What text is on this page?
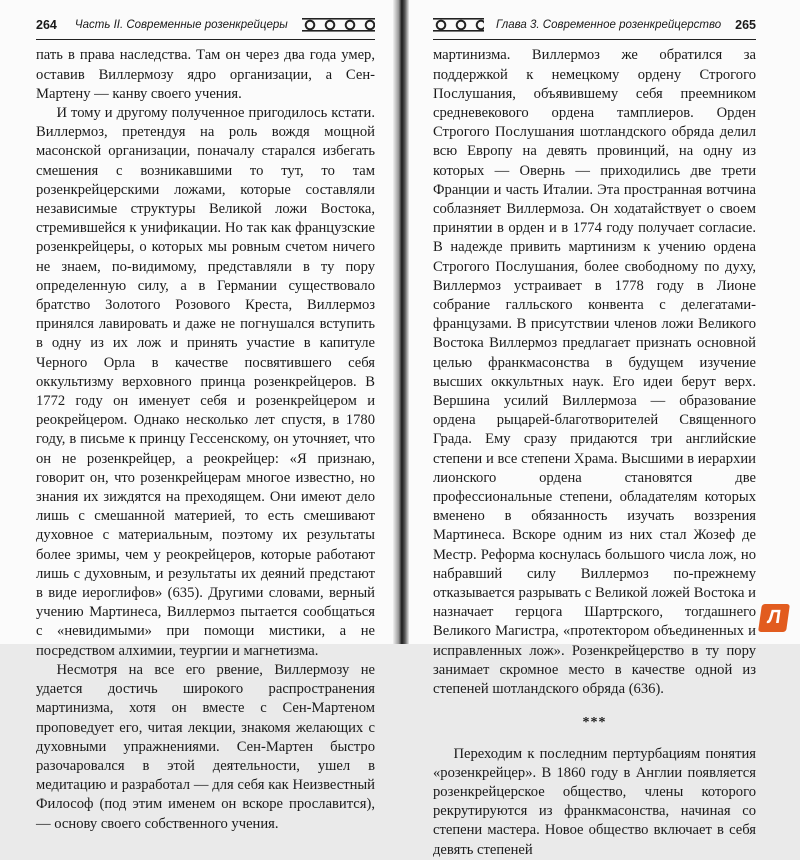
264 Часть II. Современные розенкрейцеры

пать в права наследства. Там он через два года умер, оставив Виллермозу ядро организации, а Сен-Мартену — канву своего учения.

И тому и другому полученное пригодилось кстати. Виллермоз, претендуя на роль вождя мощной масонской организации, поначалу старался избегать смешения с возникавшими то тут, то там розенкрейцерскими ложами, которые составляли независимые структуры Великой ложи Востока, стремившейся к унификации. Но так как французские розенкрейцеры, о которых мы ровным счетом ничего не знаем, по-видимому, представляли в ту пору определенную силу, а в Германии существовало братство Золотого Розового Креста, Виллермоз принялся лавировать и даже не погнушался вступить в одну из их лож и принять участие в капитуле Черного Орла в качестве посвятившего себя оккультизму верховного принца розенкрейцеров. В 1772 году он именует себя и розенкрейцером и реокрейцером. Однако несколько лет спустя, в 1780 году, в письме к принцу Гессенскому, он уточняет, что он не розенкрейцер, а реокрейцер: «Я признаю, говорит он, что розенкрейцерам многое известно, но знания их зиждятся на преходящем. Они имеют дело лишь с смешанной материей, то есть смешивают духовное с материальным, поэтому их результаты более зримы, чем у реокрейцеров, которые работают лишь с духовным, и результаты их деяний предстают в виде иероглифов» (635). Другими словами, верный учению Мартинеса, Виллермоз пытается сообщаться с «невидимыми» при помощи мистики, а не посредством алхимии, теургии и магнетизма.

Несмотря на все его рвение, Виллермозу не удается достичь широкого распространения мартинизма, хотя он вместе с Сен-Мартеном проповедует его, читая лекции, знакомя желающих с духовными упражнениями. Сен-Мартен быстро разочаровался в этой деятельности, ушел в медитацию и разработал — для себя как Неизвестный Философ (под этим именем он вскоре прославится), — основу своего собственного учения.

Глава 3. Современное розенкрейцерство 265

мартинизма. Виллермоз же обратился за поддержкой к немецкому ордену Строгого Послушания, объявившему себя преемником средневекового ордена тамплиеров. Орден Строгого Послушания шотландского обряда делил всю Европу на девять провинций, на одну из которых — Овернь — приходились две трети Франции и часть Италии. Эта пространная вотчина соблазняет Виллермоза. Он ходатайствует о своем принятии в орден и в 1774 году получает согласие. В надежде привить мартинизм к учению ордена Строгого Послушания, более свободному по духу, Виллермоз устраивает в 1778 году в Лионе собрание галльского конвента с делегатами-французами. В присутствии членов ложи Великого Востока Виллермоз предлагает признать основной целью франкмасонства в будущем изучение высших оккультных наук. Его идеи берут верх. Вершина усилий Виллермоза — образование ордена рыцарей-благотворителей Священного Града. Ему сразу придаются три английские степени и все степени Храма. Высшими в иерархии лионского ордена становятся две профессиональные степени, обладателям которых вменено в обязанность изучать воззрения Мартинеса. Вскоре одним из них стал Жозеф де Местр. Реформа коснулась большого числа лож, но набравший силу Виллермоз по-прежнему отказывается разрывать с Великой ложей Востока и назначает герцога Шартрского, тогдашнего Великого Магистра, «протектором объединенных и исправленных лож». Розенкрейцерство в ту пору занимает скромное место в качестве одной из степеней шотландского обряда (636).

***

Переходим к последним пертурбациям понятия «розенкрейцер». В 1860 году в Англии появляется розенкрейцерское общество, члены которого рекрутируются из франкмасонства, начиная со степени мастера. Новое общество включает в себя девять степеней

Л
